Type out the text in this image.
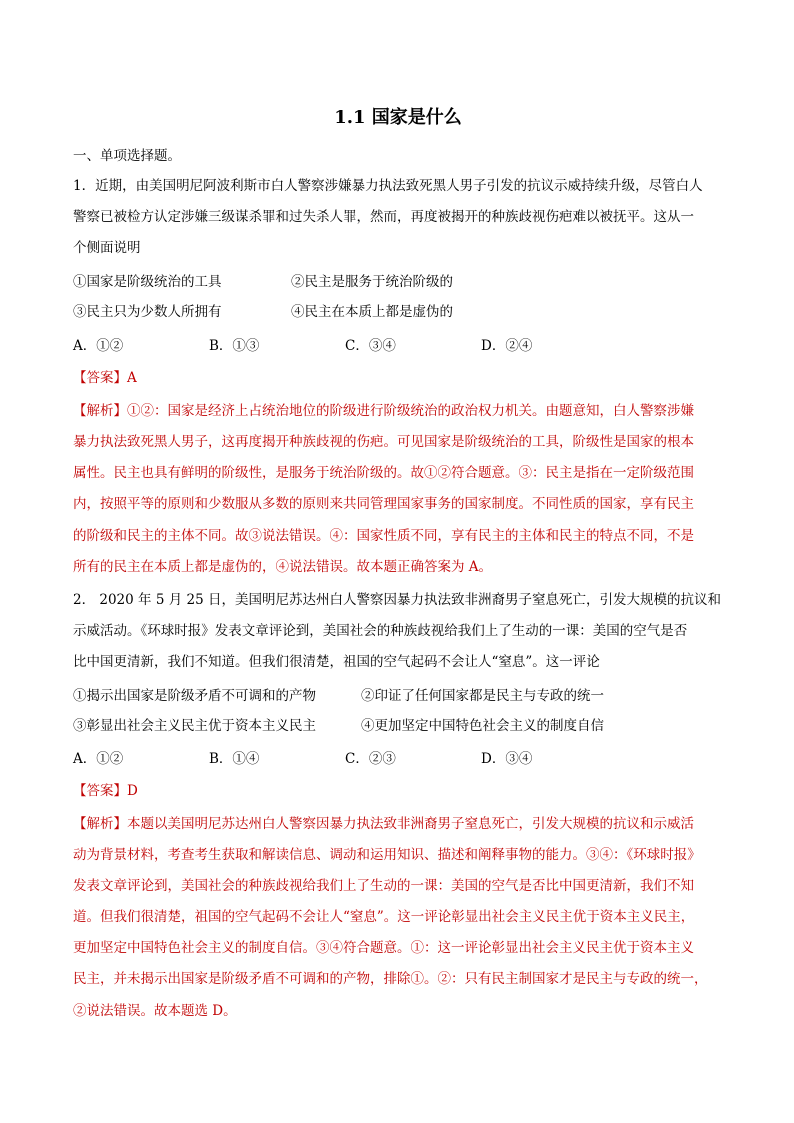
1.1 国家是什么
一、单项选择题。
1．近期，由美国明尼阿波利斯市白人警察涉嫌暴力执法致死黑人男子引发的抗议示威持续升级，尽管白人
警察已被检方认定涉嫌三级谋杀罪和过失杀人罪，然而，再度被揭开的种族歧视伤疤难以被抚平。这从一
个侧面说明
①国家是阶级统治的工具	②民主是服务于统治阶级的
③民主只为少数人所拥有	④民主在本质上都是虚伪的
A．①②	B．①③	C．③④	D．②④
【答案】A
【解析】①②：国家是经济上占统治地位的阶级进行阶级统治的政治权力机关。由题意知，白人警察涉嫌
暴力执法致死黑人男子，这再度揭开种族歧视的伤疤。可见国家是阶级统治的工具，阶级性是国家的根本
属性。民主也具有鲜明的阶级性，是服务于统治阶级的。故①②符合题意。③：民主是指在一定阶级范围
内，按照平等的原则和少数服从多数的原则来共同管理国家事务的国家制度。不同性质的国家，享有民主
的阶级和民主的主体不同。故③说法错误。④：国家性质不同，享有民主的主体和民主的特点不同，不是
所有的民主在本质上都是虚伪的，④说法错误。故本题正确答案为 A。
2． 2020 年 5 月 25 日，美国明尼苏达州白人警察因暴力执法致非洲裔男子窒息死亡，引发大规模的抗议和
示威活动。《环球时报》发表文章评论到，美国社会的种族歧视给我们上了生动的一课：美国的空气是否
比中国更清新，我们不知道。但我们很清楚，祖国的空气起码不会让人“窒息”。这一评论
①揭示出国家是阶级矛盾不可调和的产物	②印证了任何国家都是民主与专政的统一
③彰显出社会主义民主优于资本主义民主	④更加坚定中国特色社会主义的制度自信
A．①②	B．①④	C．②③	D．③④
【答案】D
【解析】本题以美国明尼苏达州白人警察因暴力执法致非洲裔男子窒息死亡，引发大规模的抗议和示威活
动为背景材料，考查考生获取和解读信息、调动和运用知识、描述和阐释事物的能力。③④：《环球时报》
发表文章评论到，美国社会的种族歧视给我们上了生动的一课：美国的空气是否比中国更清新，我们不知
道。但我们很清楚，祖国的空气起码不会让人“窒息”。这一评论彰显出社会主义民主优于资本主义民主，
更加坚定中国特色社会主义的制度自信。③④符合题意。①：这一评论彰显出社会主义民主优于资本主义
民主，并未揭示出国家是阶级矛盾不可调和的产物，排除①。②：只有民主制国家才是民主与专政的统一，
②说法错误。故本题选 D。
